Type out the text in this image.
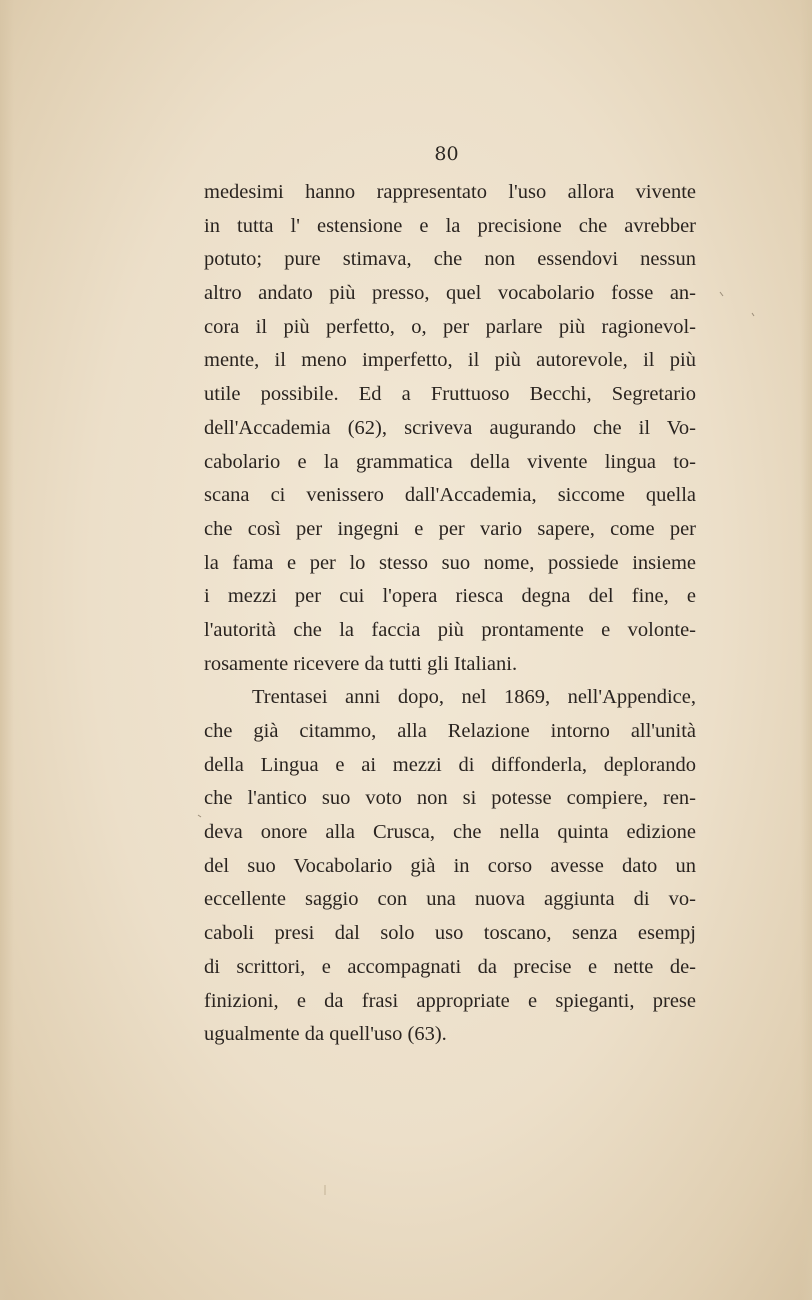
80
medesimi hanno rappresentato l'uso allora vivente
in tutta l' estensione e la precisione che avrebber
potuto; pure stimava, che non essendovi nessun
altro andato più presso, quel vocabolario fosse an-
cora il più perfetto, o, per parlare più ragionevol-
mente, il meno imperfetto, il più autorevole, il più
utile possibile. Ed a Fruttuoso Becchi, Segretario
dell'Accademia (62), scriveva augurando che il Vo-
cabolario e la grammatica della vivente lingua to-
scana ci venissero dall'Accademia, siccome quella
che così per ingegni e per vario sapere, come per
la fama e per lo stesso suo nome, possiede insieme
i mezzi per cui l'opera riesca degna del fine, e
l'autorità che la faccia più prontamente e volonte-
rosamente ricevere da tutti gli Italiani.
Trentasei anni dopo, nel 1869, nell'Appendice,
che già citammo, alla Relazione intorno all'unità
della Lingua e ai mezzi di diffonderla, deplorando
che l'antico suo voto non si potesse compiere, ren-
deva onore alla Crusca, che nella quinta edizione
del suo Vocabolario già in corso avesse dato un
eccellente saggio con una nuova aggiunta di vo-
caboli presi dal solo uso toscano, senza esempj
di scrittori, e accompagnati da precise e nette de-
finizioni, e da frasi appropriate e spieganti, prese
ugualmente da quell'uso (63).
